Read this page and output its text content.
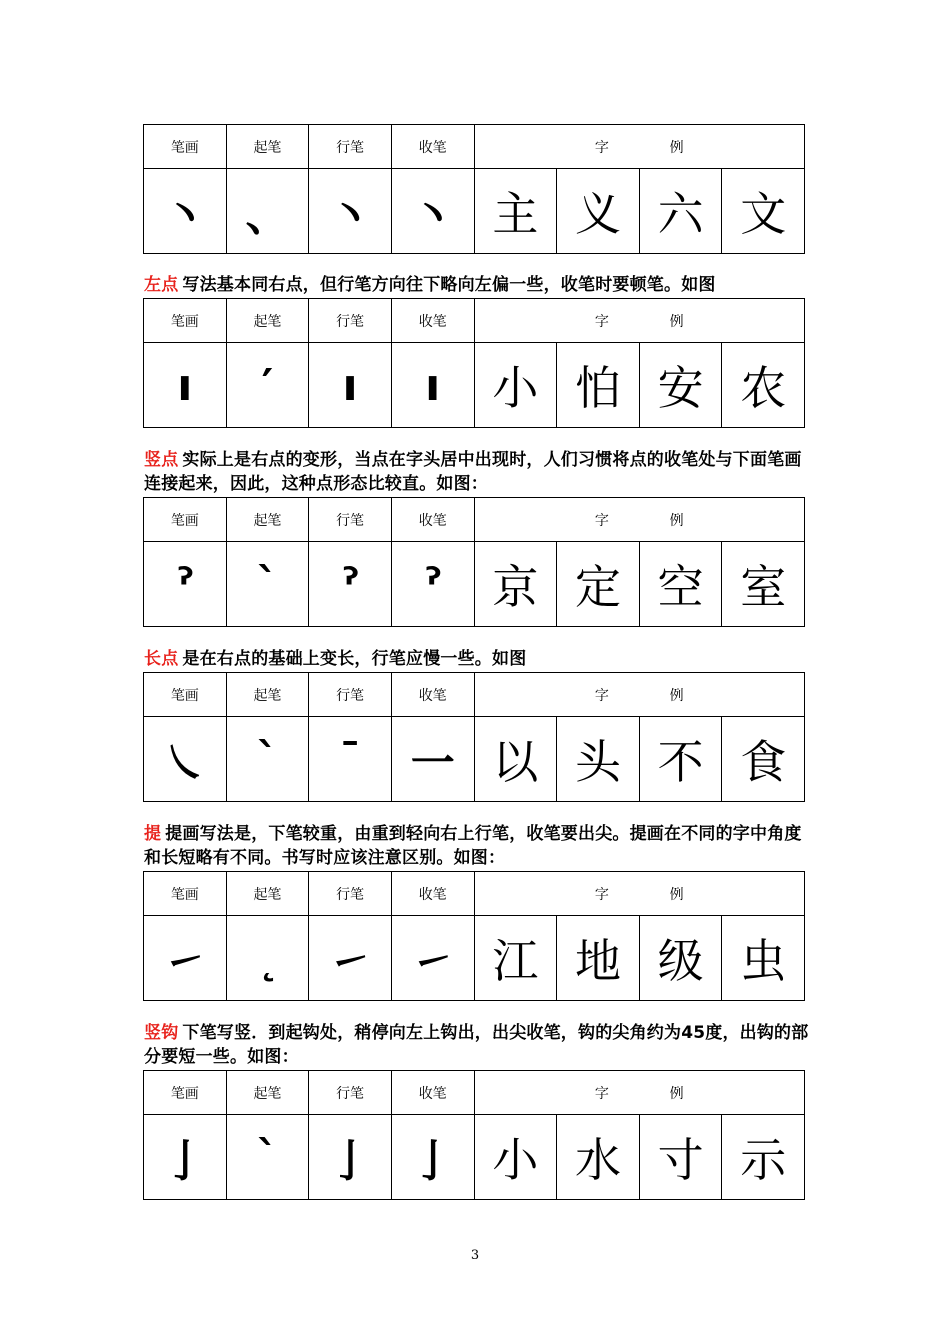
笔画	起笔	行笔	收笔	字 例			

丶	、	丶	丶	主	义	六	文
左点 写法基本同右点，但行笔方向往下略向左偏一些，收笔时要顿笔。如图
笔画	起笔	行笔	收笔	字 例			

ı	′	ı	ı	小	怕	安	农
竖点 实际上是右点的变形，当点在字头居中出现时，人们习惯将点的收笔处与下面笔画连接起来，因此，这种点形态比较直。如图：
笔画	起笔	行笔	收笔	字 例			

ˀ	ˋ	ˀ	ˀ	京	定	空	室
长点 是在右点的基础上变长，行笔应慢一些。如图
笔画	起笔	行笔	收笔	字 例			

㇏	ˋ	ˉ	一	以	头	不	食
提 提画写法是，下笔较重，由重到轻向右上行笔，收笔要出尖。提画在不同的字中角度和长短略有不同。书写时应该注意区别。如图：
笔画	起笔	行笔	收笔	字 例			

㇀	˛	㇀	㇀	江	地	级	虫
竖钩 下笔写竖．到起钩处，稍停向左上钩出，出尖收笔，钩的尖角约为45度，出钩的部分要短一些。如图：
笔画	起笔	行笔	收笔	字 例			

亅	ˋ	亅	亅	小	水	寸	示
3
